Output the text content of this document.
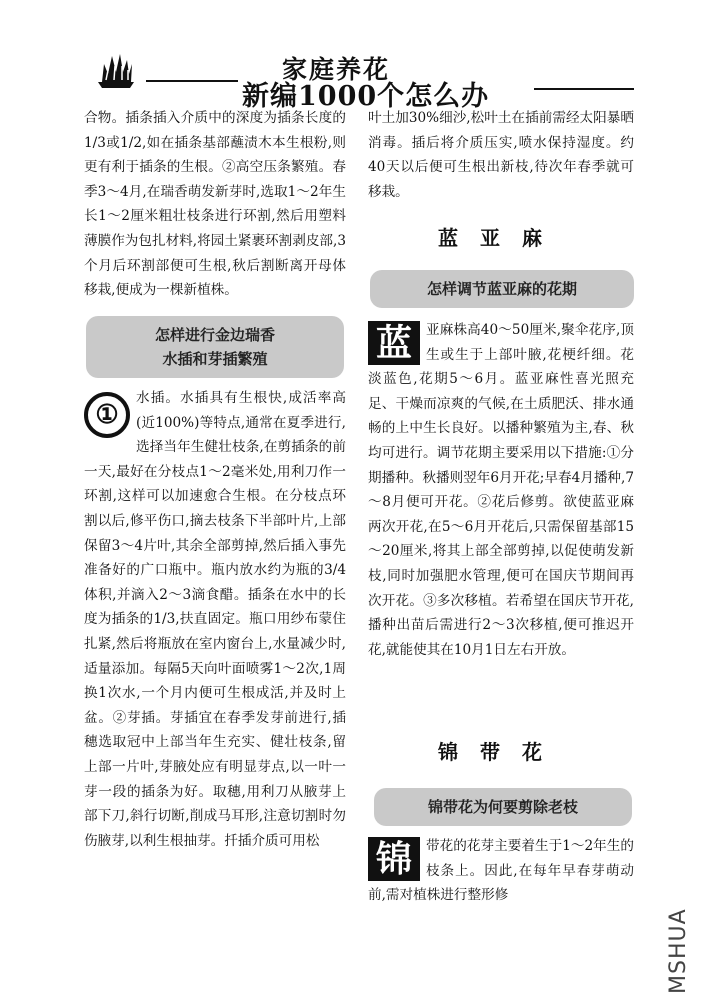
家庭养花
新编1000个怎么办

合物。插条插入介质中的深度为插条长度的1/3或1/2,如在插条基部蘸渍木本生根粉,则更有利于插条的生根。②高空压条繁殖。春季3～4月,在瑞香萌发新芽时,选取1～2年生长1～2厘米粗壮枝条进行环割,然后用塑料薄膜作为包扎材料,将园土紧裹环割剥皮部,3个月后环割部便可生根,秋后割断离开母体移栽,便成为一棵新植株。

怎样进行金边瑞香
水插和芽插繁殖
①
水插。水插具有生根快,成活率高(近100%)等特点,通常在夏季进行,选择当年生健壮枝条,在剪插条的前一天,最好在分枝点1～2毫米处,用利刀作一环割,这样可以加速愈合生根。在分枝点环割以后,修平伤口,摘去枝条下半部叶片,上部保留3～4片叶,其余全部剪掉,然后插入事先准备好的广口瓶中。瓶内放水约为瓶的3/4体积,并滴入2～3滴食醋。插条在水中的长度为插条的1/3,扶直固定。瓶口用纱布蒙住扎紧,然后将瓶放在室内窗台上,水量减少时,适量添加。每隔5天向叶面喷雾1～2次,1周换1次水,一个月内便可生根成活,并及时上盆。②芽插。芽插宜在春季发芽前进行,插穗选取冠中上部当年生充实、健壮枝条,留上部一片叶,芽腋处应有明显芽点,以一叶一芽一段的插条为好。取穗,用利刀从腋芽上部下刀,斜行切断,削成马耳形,注意切割时勿伤腋芽,以利生根抽芽。扦插介质可用松

叶土加30%细沙,松叶土在插前需经太阳暴晒消毒。插后将介质压实,喷水保持湿度。约40天以后便可生根出新枝,待次年春季就可移栽。

蓝亚麻
怎样调节蓝亚麻的花期
蓝	亚麻株高40～50厘米,聚伞花序,顶生或生于上部叶腋,花梗纤细。花淡蓝色,花期5～6月。蓝亚麻性喜光照充足、干燥而凉爽的气候,在土质肥沃、排水通畅的上中生长良好。以播种繁殖为主,春、秋均可进行。调节花期主要采用以下措施:①分期播种。秋播则翌年6月开花;早春4月播种,7～8月便可开花。②花后修剪。欲使蓝亚麻两次开花,在5～6月开花后,只需保留基部15～20厘米,将其上部全部剪掉,以促使萌发新枝,同时加强肥水管理,便可在国庆节期间再次开花。③多次移植。若希望在国庆节开花,播种出苗后需进行2～3次移植,便可推迟开花,就能使其在10月1日左右开放。
锦带花
锦带花为何要剪除老枝
锦	带花的花芽主要着生于1～2年生的枝条上。因此,在每年早春芽萌动前,需对植株进行整形修
MSHUA
